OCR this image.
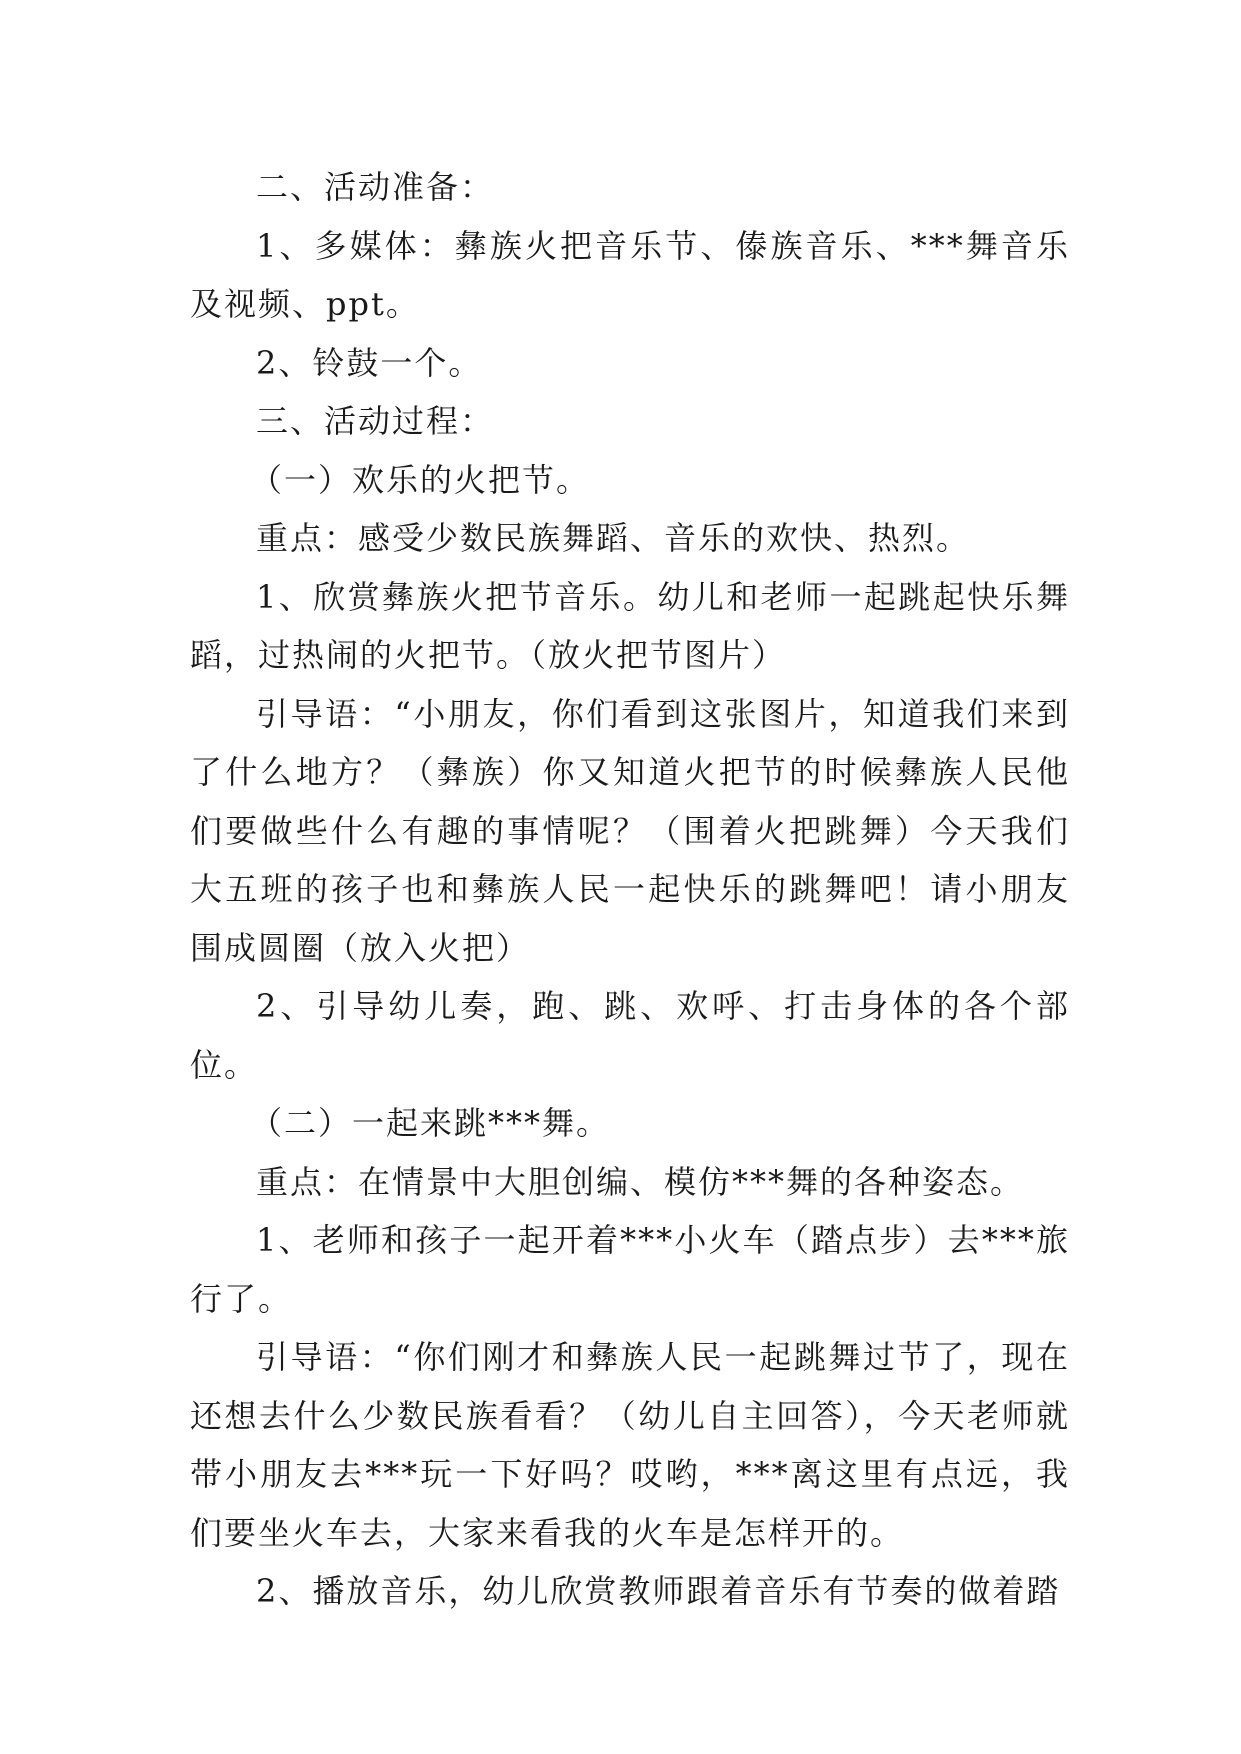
二、活动准备：

1、多媒体：彝族火把音乐节、傣族音乐、***舞音乐及视频、ppt。

2、铃鼓一个。

三、活动过程：

（一）欢乐的火把节。

重点：感受少数民族舞蹈、音乐的欢快、热烈。

1、欣赏彝族火把节音乐。幼儿和老师一起跳起快乐舞蹈，过热闹的火把节。（放火把节图片）

引导语：“小朋友，你们看到这张图片，知道我们来到了什么地方？（彝族）你又知道火把节的时候彝族人民他们要做些什么有趣的事情呢？（围着火把跳舞）今天我们大五班的孩子也和彝族人民一起快乐的跳舞吧！请小朋友围成圆圈（放入火把）

2、引导幼儿奏，跑、跳、欢呼、打击身体的各个部位。

（二）一起来跳***舞。

重点：在情景中大胆创编、模仿***舞的各种姿态。

1、老师和孩子一起开着***小火车（踏点步）去***旅行了。

引导语：“你们刚才和彝族人民一起跳舞过节了，现在还想去什么少数民族看看？（幼儿自主回答），今天老师就带小朋友去***玩一下好吗？哎哟，***离这里有点远，我们要坐火车去，大家来看我的火车是怎样开的。

2、播放音乐，幼儿欣赏教师跟着音乐有节奏的做着踏
